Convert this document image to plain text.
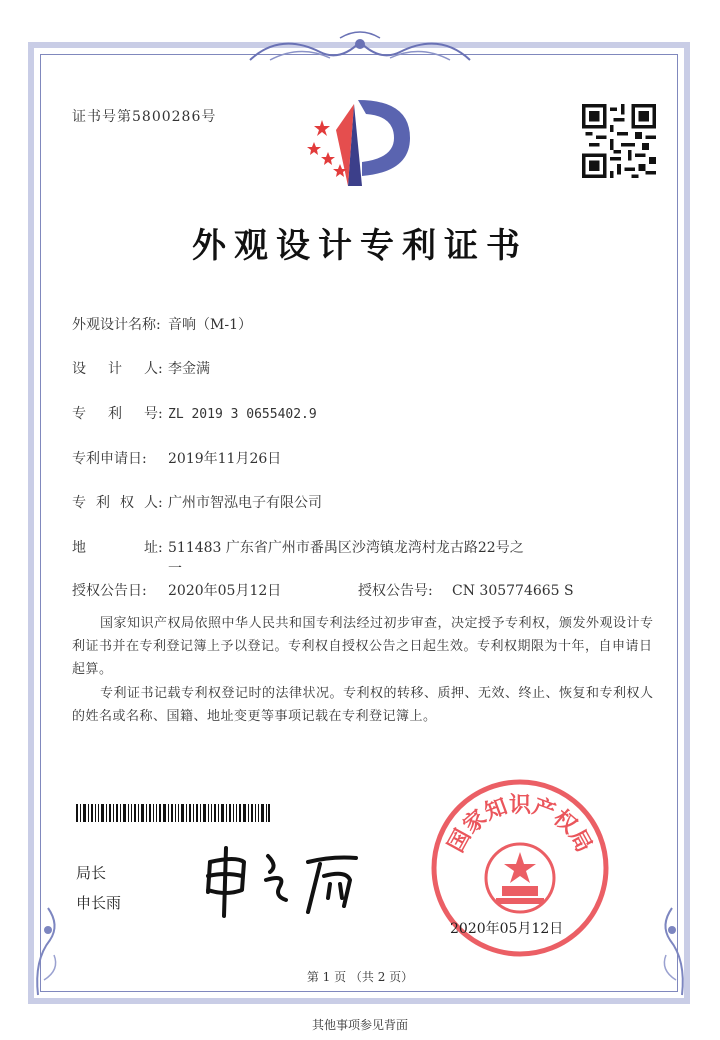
证书号第5800286号
外观设计专利证书
外观设计名称: 音响（M-1）
设 计 人 : 李金满
专 利 号 : ZL 2019 3 0655402.9
专利申请日: 2019年11月26日
专 利 权 人 : 广州市智泓电子有限公司
地	址 : 511483 广东省广州市番禺区沙湾镇龙湾村龙古路22号之
一
授权公告日: 2020年05月12日	授权公告号: CN 305774665 S
国家知识产权局依照中华人民共和国专利法经过初步审查，决定授予专利权，颁发外观设计专利证书并在专利登记簿上予以登记。专利权自授权公告之日起生效。专利权期限为十年，自申请日起算。
专利证书记载专利权登记时的法律状况。专利权的转移、质押、无效、终止、恢复和专利权人的姓名或名称、国籍、地址变更等事项记载在专利登记簿上。
局长
申长雨
国家知识产权局
2020年05月12日
第 1 页 （共 2 页）
其他事项参见背面
